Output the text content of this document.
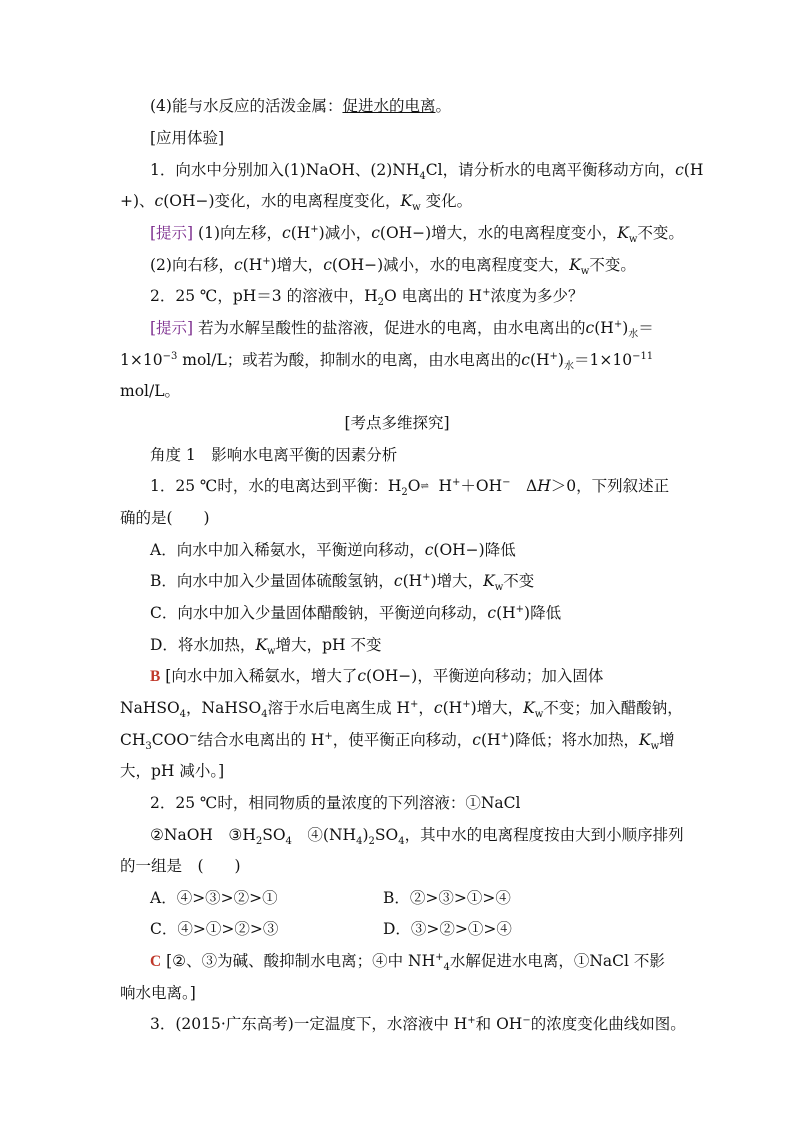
(4)能与水反应的活泼金属：促进水的电离。
[应用体验]
1．向水中分别加入(1)NaOH、$(2)NH_4Cl$，请分析水的电离平衡移动方向，c(H
+)、c(OH−)变化，水的电离程度变化，$K_w$ 变化。
[提示] (1)向左移，c(H+)减小，c(OH−)增大，水的电离程度变小，$K_w$不变。
(2)向右移，c(H+)增大，c(OH−)减小，水的电离程度变大，$K_w$不变。
2．25 ℃，pH＝3 的溶液中，$H_2O$ 电离出的 H+浓度为多少？
[提示] 若为水解呈酸性的盐溶液，促进水的电离，由水电离出的$c(H^+)_水=$
$1\times 10^{-3}$ mol/L；或若为酸，抑制水的电离，由水电离出的$c(H^+)_水=1\times 10^{-11}$
mol/L。
[考点多维探究]
角度 1　影响水电离平衡的因素分析
1．25 ℃时，水的电离达到平衡：$H_2O\rightleftharpoons$ H+＋OH−　ΔH＞0，下列叙述正
确的是(　　)
A．向水中加入稀氨水，平衡逆向移动，c(OH−)降低
B．向水中加入少量固体硫酸氢钠，c(H+)增大，$K_w$不变
C．向水中加入少量固体醋酸钠，平衡逆向移动，c(H+)降低
D．将水加热，$K_w$增大，pH 不变
B [向水中加入稀氨水，增大了c(OH−)，平衡逆向移动；加入固体
NaHSO$_4$，NaHSO$_4$溶于水后电离生成 H+，c(H+)增大，$K_w$不变；加入醋酸钠，
$CH_3COO^-$结合水电离出的 H+，使平衡正向移动，c(H+)降低；将水加热，$K_w$增
大，pH 减小。]
2．25 ℃时，相同物质的量浓度的下列溶液：①NaCl
②NaOH　$③H_2SO_4$　$④(NH_4)_2SO_4$，其中水的电离程度按由大到小顺序排列
的一组是　(　　)
A．④>③>②>①	B．②>③>①>④
C．④>①>②>③	D．③>②>①>④
C [②、③为碱、酸抑制水电离；④中 $NH^+_4$水解促进水电离，①NaCl 不影
响水电离。]
3．(2015·广东高考)一定温度下，水溶液中 H+和 OH−的浓度变化曲线如图。
